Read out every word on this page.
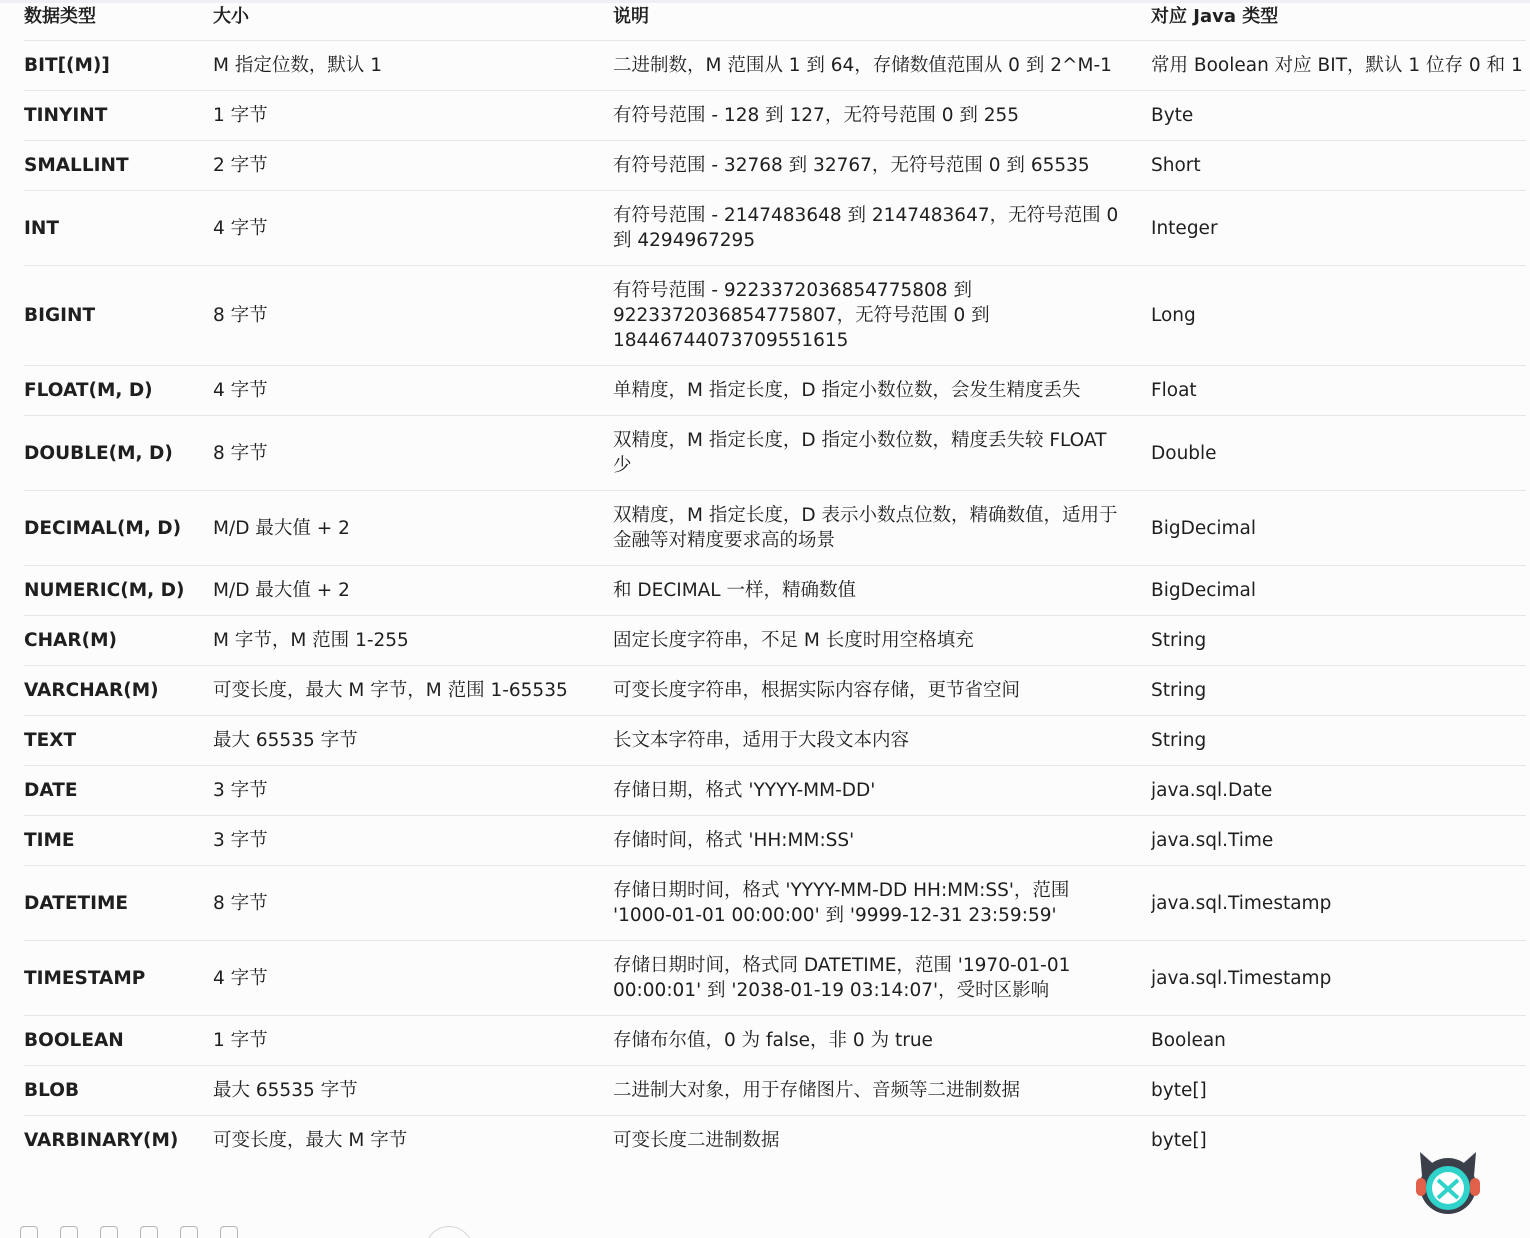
数据类型	大小	说明	对应 Java 类型
BIT[(M)]	M 指定位数，默认 1	二进制数，M 范围从 1 到 64，存储数值范围从 0 到 2^M-1	常用 Boolean 对应 BIT，默认 1 位存 0 和 1
TINYINT	1 字节	有符号范围 - 128 到 127，无符号范围 0 到 255	Byte
SMALLINT	2 字节	有符号范围 - 32768 到 32767，无符号范围 0 到 65535	Short
INT	4 字节	有符号范围 - 2147483648 到 2147483647，无符号范围 0 到 4294967295	Integer
BIGINT	8 字节	有符号范围 - 9223372036854775808 到 9223372036854775807，无符号范围 0 到 18446744073709551615	Long
FLOAT(M, D)	4 字节	单精度，M 指定长度，D 指定小数位数，会发生精度丢失	Float
DOUBLE(M, D)	8 字节	双精度，M 指定长度，D 指定小数位数，精度丢失较 FLOAT 少	Double
DECIMAL(M, D)	M/D 最大值 + 2	双精度，M 指定长度，D 表示小数点位数，精确数值，适用于金融等对精度要求高的场景	BigDecimal
NUMERIC(M, D)	M/D 最大值 + 2	和 DECIMAL 一样，精确数值	BigDecimal
CHAR(M)	M 字节，M 范围 1-255	固定长度字符串，不足 M 长度时用空格填充	String
VARCHAR(M)	可变长度，最大 M 字节，M 范围 1-65535	可变长度字符串，根据实际内容存储，更节省空间	String
TEXT	最大 65535 字节	长文本字符串，适用于大段文本内容	String
DATE	3 字节	存储日期，格式 'YYYY-MM-DD'	java.sql.Date
TIME	3 字节	存储时间，格式 'HH:MM:SS'	java.sql.Time
DATETIME	8 字节	存储日期时间，格式 'YYYY-MM-DD HH:MM:SS'，范围 '1000-01-01 00:00:00' 到 '9999-12-31 23:59:59'	java.sql.Timestamp
TIMESTAMP	4 字节	存储日期时间，格式同 DATETIME，范围 '1970-01-01 00:00:01' 到 '2038-01-19 03:14:07'，受时区影响	java.sql.Timestamp
BOOLEAN	1 字节	存储布尔值，0 为 false，非 0 为 true	Boolean
BLOB	最大 65535 字节	二进制大对象，用于存储图片、音频等二进制数据	byte[]
VARBINARY(M)	可变长度，最大 M 字节	可变长度二进制数据	byte[]
